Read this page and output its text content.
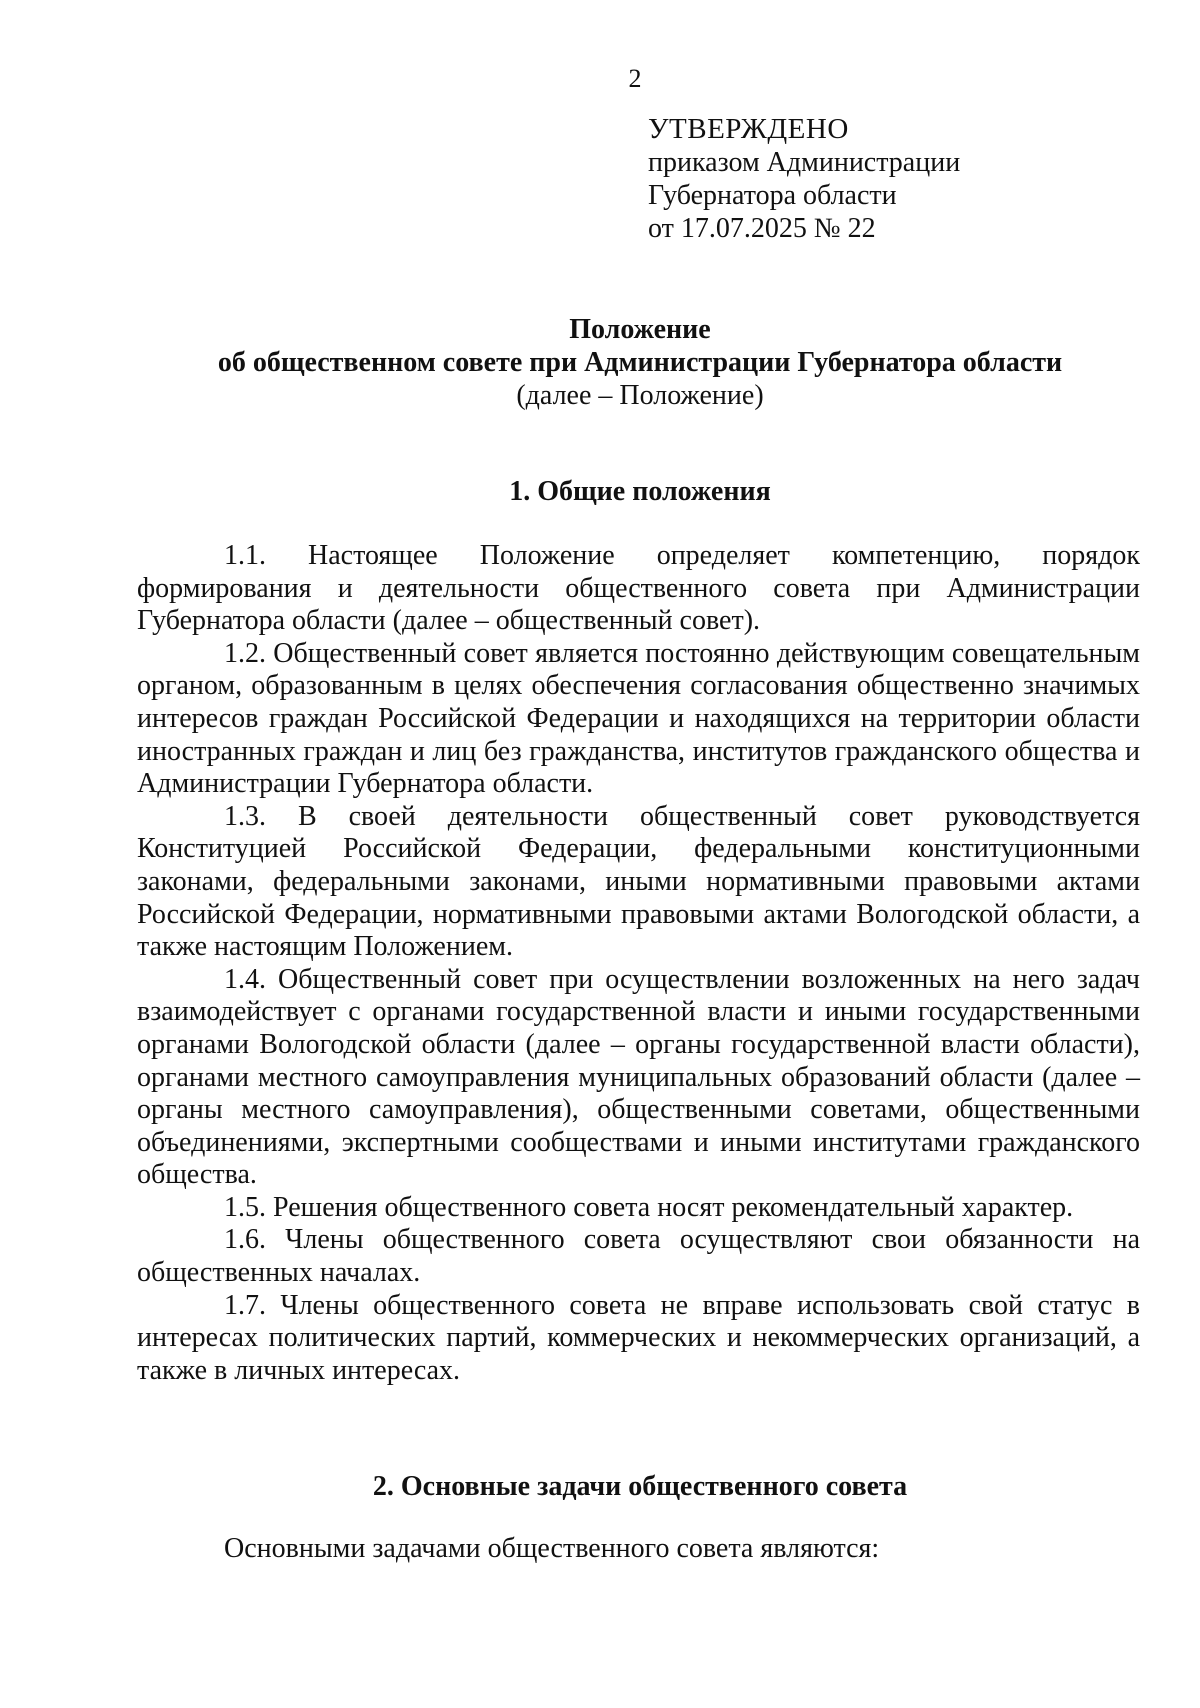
2
УТВЕРЖДЕНО
приказом Администрации
Губернатора области
от 17.07.2025 № 22
Положение
об общественном совете при Администрации Губернатора области
(далее – Положение)
1. Общие положения

1.1. Настоящее Положение определяет компетенцию, порядок формирования и деятельности общественного совета при Администрации Губернатора области (далее – общественный совет).

1.2. Общественный совет является постоянно действующим совещательным органом, образованным в целях обеспечения согласования общественно значимых интересов граждан Российской Федерации и находящихся на территории области иностранных граждан и лиц без гражданства, институтов гражданского общества и Администрации Губернатора области.

1.3. В своей деятельности общественный совет руководствуется Конституцией Российской Федерации, федеральными конституционными законами, федеральными законами, иными нормативными правовыми актами Российской Федерации, нормативными правовыми актами Вологодской области, а также настоящим Положением.

1.4. Общественный совет при осуществлении возложенных на него задач взаимодействует с органами государственной власти и иными государственными органами Вологодской области (далее – органы государственной власти области), органами местного самоуправления муниципальных образований области (далее – органы местного самоуправления), общественными советами, общественными объединениями, экспертными сообществами и иными институтами гражданского общества.

1.5. Решения общественного совета носят рекомендательный характер.

1.6. Члены общественного совета осуществляют свои обязанности на общественных началах.

1.7. Члены общественного совета не вправе использовать свой статус в интересах политических партий, коммерческих и некоммерческих организаций, а также в личных интересах.

2. Основные задачи общественного совета
Основными задачами общественного совета являются:
